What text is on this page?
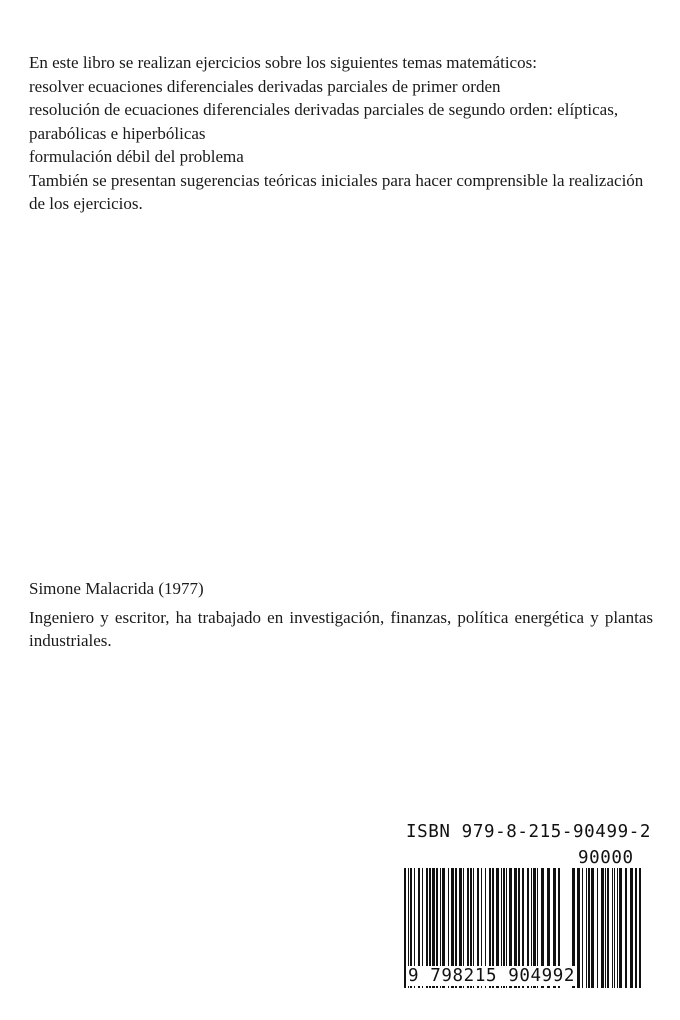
En este libro se realizan ejercicios sobre los siguientes temas matemáticos:

resolver ecuaciones diferenciales derivadas parciales de primer orden

resolución de ecuaciones diferenciales derivadas parciales de segundo orden: elípticas, parabólicas e hiperbólicas

formulación débil del problema

También se presentan sugerencias teóricas iniciales para hacer comprensible la realización de los ejercicios.

Simone Malacrida (1977)

Ingeniero y escritor, ha trabajado en investigación, finanzas, política energética y plantas industriales.

ISBN 979-8-215-90499-2
90000
9 798215 904992
